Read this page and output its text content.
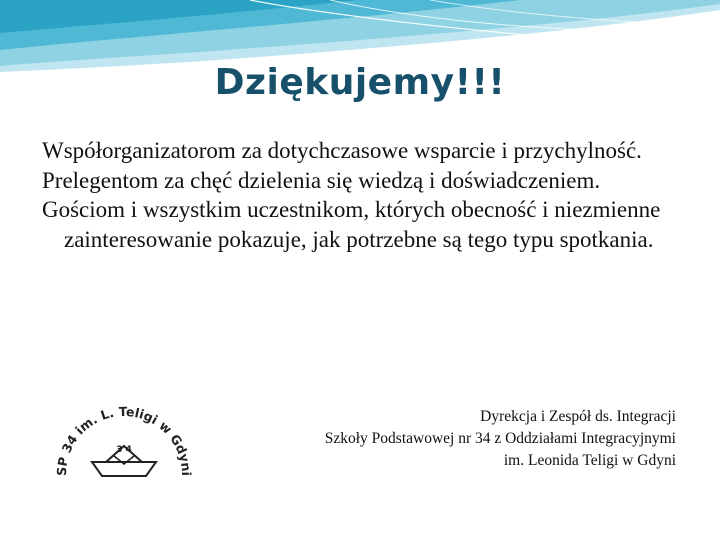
Dziękujemy!!!

Współorganizatorom za dotychczasowe wsparcie i przychylność.

Prelegentom za chęć dzielenia się wiedzą i doświadczeniem.

Gościom i wszystkim uczestnikom, których obecność i niezmienne zainteresowanie pokazuje, jak potrzebne są tego typu spotkania.

SP 34 im. L. Teligi w Gdyni
3 4
Dyrekcja i Zespół ds. Integracji
Szkoły Podstawowej nr 34 z Oddziałami Integracyjnymi
im. Leonida Teligi w Gdyni
